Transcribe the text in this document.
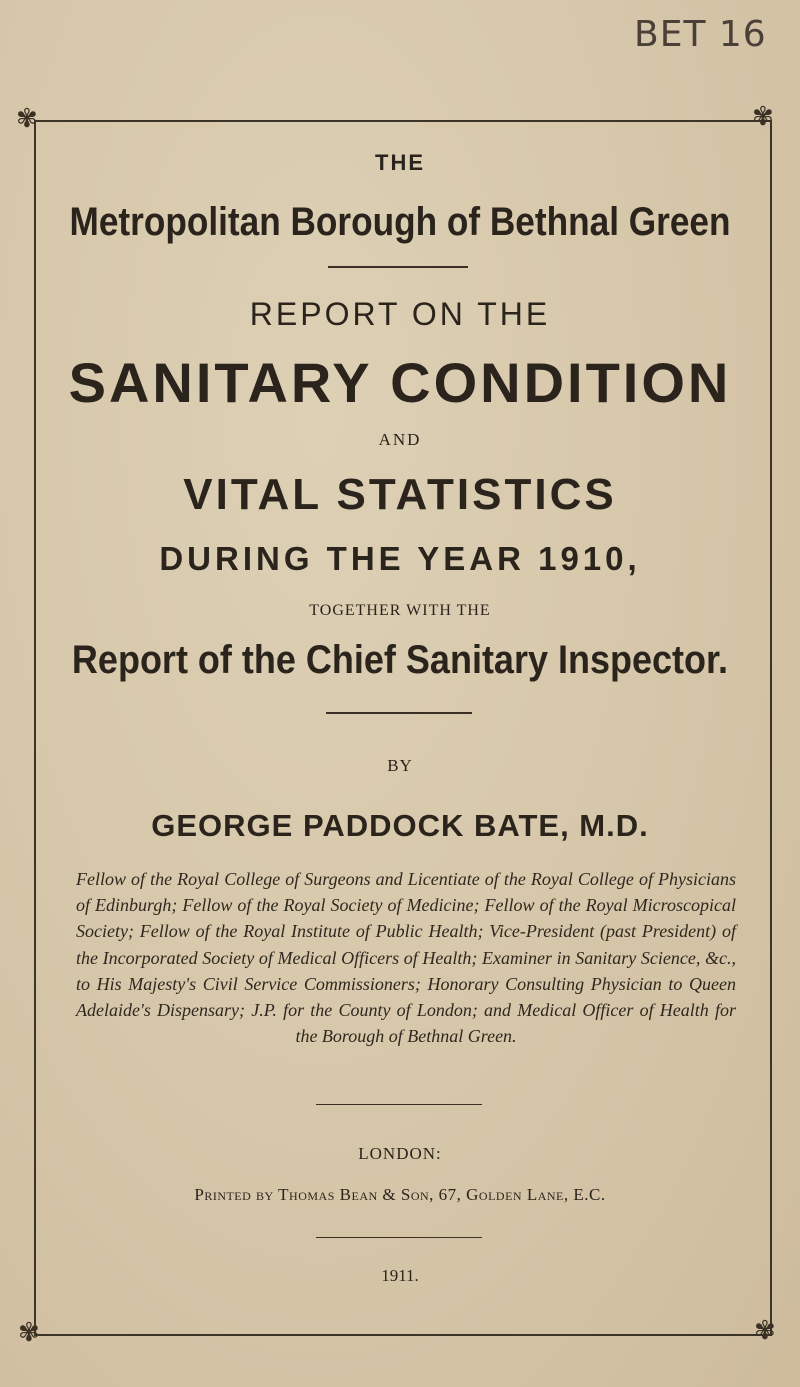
BET 16
✾	✾
✾	✾
THE
Metropolitan Borough of Bethnal Green
REPORT ON THE
SANITARY CONDITION
AND
VITAL STATISTICS
DURING THE YEAR 1910,
TOGETHER WITH THE
Report of the Chief Sanitary Inspector.
BY
GEORGE PADDOCK BATE, M.D.
Fellow of the Royal College of Surgeons and Licentiate of the Royal College of Physicians of Edinburgh; Fellow of the Royal Society of Medicine; Fellow of the Royal Microscopical Society; Fellow of the Royal Institute of Public Health; Vice-President (past President) of the Incorporated Society of Medical Officers of Health; Examiner in Sanitary Science, &c., to His Majesty's Civil Service Commissioners; Honorary Consulting Physician to Queen Adelaide's Dispensary; J.P. for the County of London; and Medical Officer of Health for the Borough of Bethnal Green.
LONDON:
Printed by Thomas Bean & Son, 67, Golden Lane, E.C.
1911.
